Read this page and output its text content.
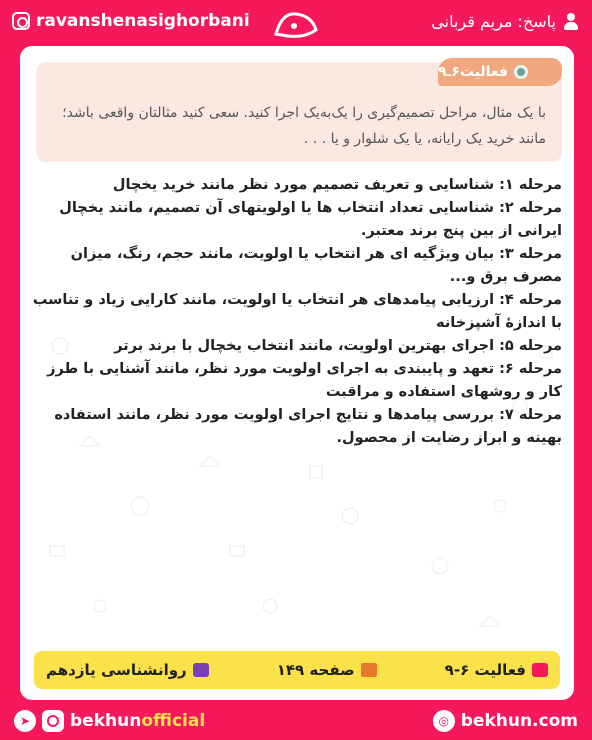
ravanshenasighorbani	پاسخ: مریم قربانی
فعالیت۶ـ۹
با یک مثال، مراحل تصمیم‌گیری را یک‌به‌یک اجرا کنید. سعی کنید مثالتان واقعی باشد؛مانند خرید یک رایانه، یا یک شلوار و یا . . .
مرحله ۱: شناسایی و تعریف تصمیم مورد نظر مانند خرید یخچال
مرحله ۲: شناسایی تعداد انتخاب ها یا اولویتهای آن تصمیم، مانند یخچال ایرانی از بین پنج برند معتبر.
مرحله ۳: بیان ویژگیه ای هر انتخاب یا اولویت، مانند حجم، رنگ، میزان مصرف برق و...
مرحله ۴: ارزیابی پیامدهای هر انتخاب یا اولویت، مانند کارایی زیاد و تناسب با اندازهٔ آشپزخانه
مرحله ۵: اجرای بهترین اولویت، مانند انتخاب یخچال با برند برتر
مرحله ۶: تعهد و پایبندی به اجرای اولویت مورد نظر، مانند آشنایی با طرز کار و روشهای استفاده و مراقبت
مرحله ۷: بررسی پیامدها و نتایج اجرای اولویت مورد نظر، مانند استفاده بهینه و ابراز رضایت از محصول.
فعالیت ۶-۹
صفحه ۱۴۹
روانشناسی یازدهم
➤	bekhun official	◎ bekhun.com
